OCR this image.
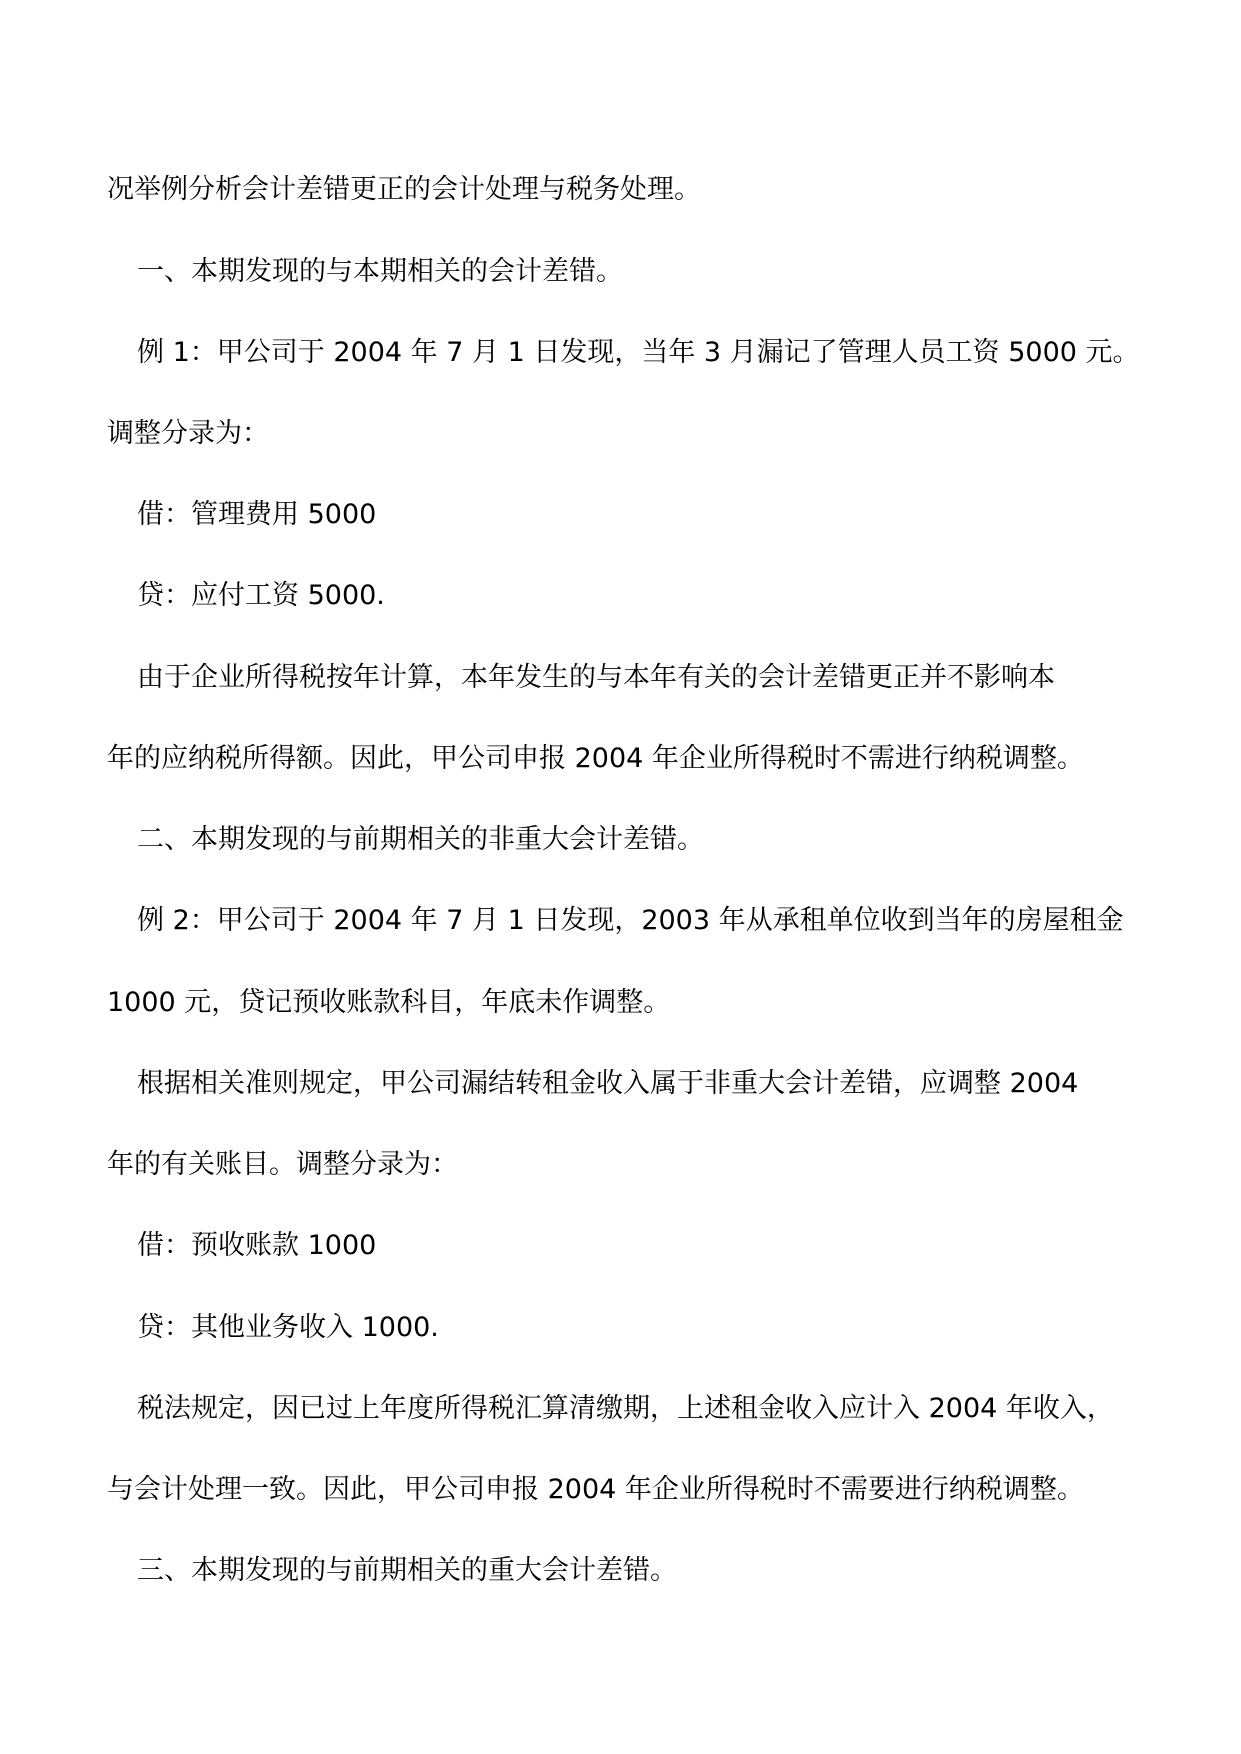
况举例分析会计差错更正的会计处理与税务处理。
一、本期发现的与本期相关的会计差错。
例 1：甲公司于 2004 年 7 月 1 日发现，当年 3 月漏记了管理人员工资 5000 元。
调整分录为：
借：管理费用 5000
贷：应付工资 5000.
由于企业所得税按年计算，本年发生的与本年有关的会计差错更正并不影响本
年的应纳税所得额。因此，甲公司申报 2004 年企业所得税时不需进行纳税调整。
二、本期发现的与前期相关的非重大会计差错。
例 2：甲公司于 2004 年 7 月 1 日发现，2003 年从承租单位收到当年的房屋租金
1000 元，贷记预收账款科目，年底未作调整。
根据相关准则规定，甲公司漏结转租金收入属于非重大会计差错，应调整 2004
年的有关账目。调整分录为：
借：预收账款 1000
贷：其他业务收入 1000.
税法规定，因已过上年度所得税汇算清缴期，上述租金收入应计入 2004 年收入，
与会计处理一致。因此，甲公司申报 2004 年企业所得税时不需要进行纳税调整。
三、本期发现的与前期相关的重大会计差错。
